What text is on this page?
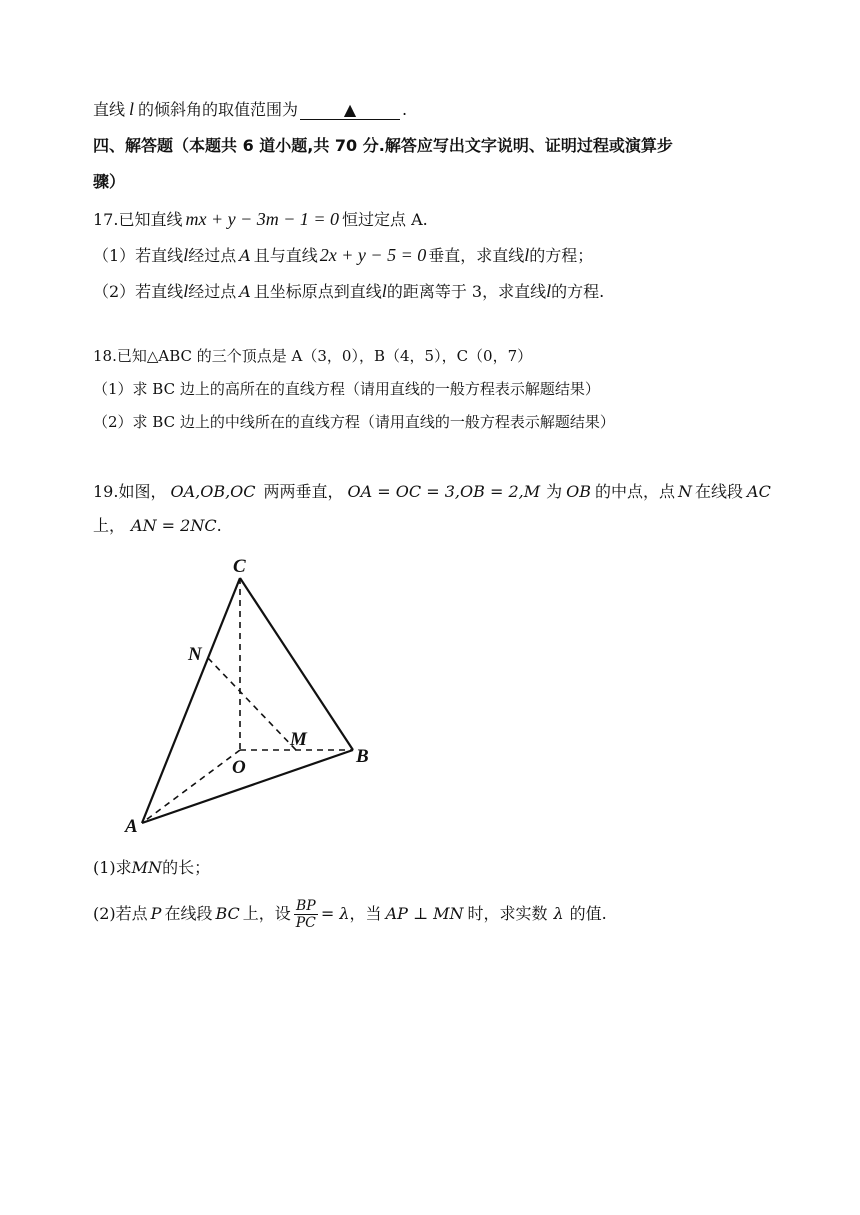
直线 l 的倾斜角的取值范围为	▲	.
四、解答题（本题共 6 道小题,共 70 分.解答应写出文字说明、证明过程或演算步
骤）
17.已知直线 mx + y − 3m − 1 = 0 恒过定点 A.
（1）若直线l经过点 A 且与直线 2x + y − 5 = 0 垂直，求直线l的方程；
（2）若直线l经过点 A 且坐标原点到直线l的距离等于 3，求直线l的方程.
18.已知△ABC 的三个顶点是 A（3，0），B（4，5），C（0，7）
（1）求 BC 边上的高所在的直线方程（请用直线的一般方程表示解题结果）
（2）求 BC 边上的中线所在的直线方程（请用直线的一般方程表示解题结果）
19.如图， OA,OB,OC 两两垂直， OA = OC = 3,OB = 2,M 为 OB 的中点，点 N 在线段 AC
上， AN = 2NC.
C
N
M
O
B
A
(1)求MN的长；
(2)若点 P 在线段 BC 上，设 $\frac{BP}{PC} = \lambda$，当 AP ⊥ MN 时，求实数 λ 的值.
